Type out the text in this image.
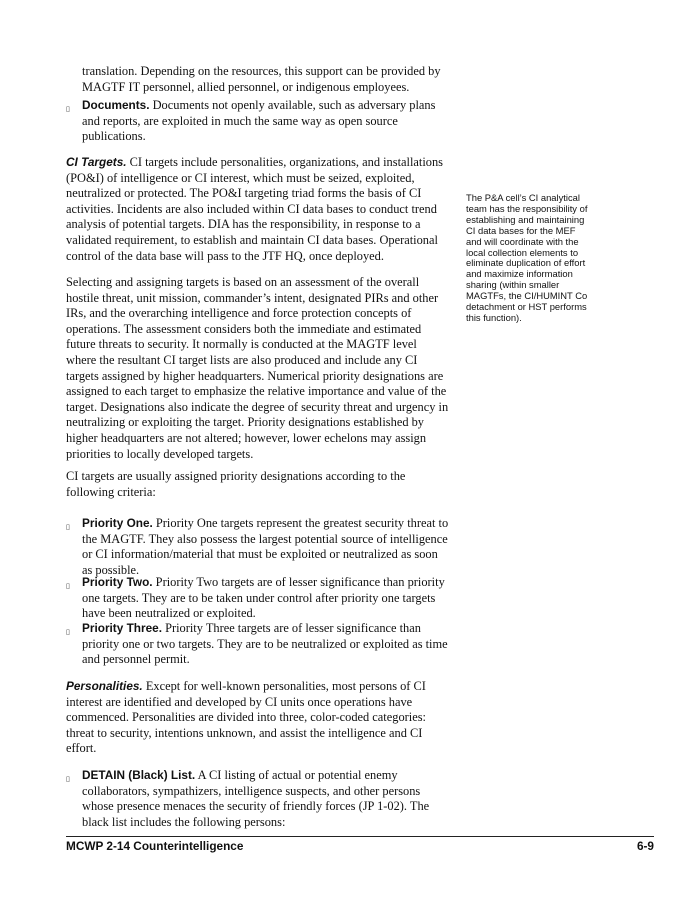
translation. Depending on the resources, this support can be provided by MAGTF IT personnel, allied personnel, or indigenous employees.

▯ Documents. Documents not openly available, such as adversary plans and reports, are exploited in much the same way as open source publications.

CI Targets. CI targets include personalities, organizations, and installations (PO&I) of intelligence or CI interest, which must be seized, exploited, neutralized or protected. The PO&I targeting triad forms the basis of CI activities. Incidents are also included within CI data bases to conduct trend analysis of potential targets. DIA has the responsibility, in response to a validated requirement, to establish and maintain CI data bases. Operational control of the data base will pass to the JTF HQ, once deployed.

Selecting and assigning targets is based on an assessment of the overall hostile threat, unit mission, commander’s intent, designated PIRs and other IRs, and the overarching intelligence and force protection concepts of operations. The assessment considers both the immediate and estimated future threats to security. It normally is conducted at the MAGTF level where the resultant CI target lists are also produced and include any CI targets assigned by higher headquarters. Numerical priority designations are assigned to each target to emphasize the relative importance and value of the target. Designations also indicate the degree of security threat and urgency in neutralizing or exploiting the target. Priority designations established by higher headquarters are not altered; however, lower echelons may assign priorities to locally developed targets.

CI targets are usually assigned priority designations according to the following criteria:

▯ Priority One. Priority One targets represent the greatest security threat to the MAGTF. They also possess the largest potential source of intelligence or CI information/material that must be exploited or neutralized as soon as possible.
▯ Priority Two. Priority Two targets are of lesser significance than priority one targets. They are to be taken under control after priority one targets have been neutralized or exploited.
▯ Priority Three. Priority Three targets are of lesser significance than priority one or two targets. They are to be neutralized or exploited as time and personnel permit.

Personalities. Except for well-known personalities, most persons of CI interest are identified and developed by CI units once operations have commenced. Personalities are divided into three, color-coded categories: threat to security, intentions unknown, and assist the intelligence and CI effort.

▯ DETAIN (Black) List. A CI listing of actual or potential enemy collaborators, sympathizers, intelligence suspects, and other persons whose presence menaces the security of friendly forces (JP 1-02). The black list includes the following persons:
The P&A cell’s CI analytical team has the responsibility of establishing and maintaining CI data bases for the MEF and will coordinate with the local collection elements to eliminate duplication of effort and maximize information sharing (within smaller MAGTFs, the CI/HUMINT Co detachment or HST performs this function).
MCWP 2-14 Counterintelligence	6-9
